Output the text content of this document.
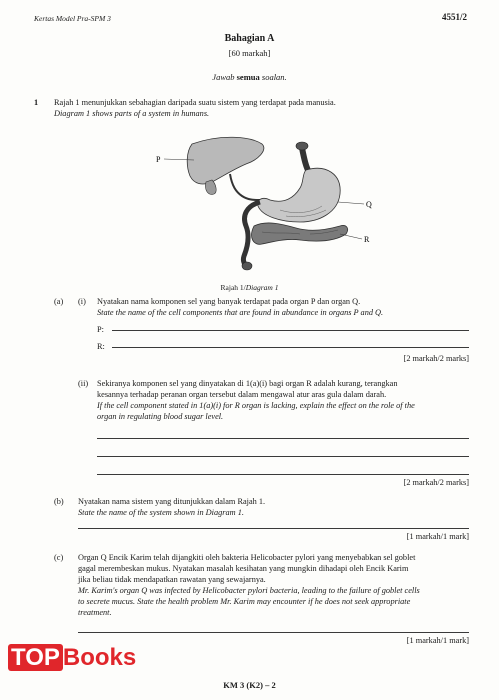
Kertas Model Pra-SPM 3	4551/2
Bahagian A
[60 markah]
Jawab semua soalan.
1 Rajah 1 menunjukkan sebahagian daripada suatu sistem yang terdapat pada manusia.
Diagram 1 shows parts of a system in humans.
P
Q
R
Rajah 1/Diagram 1
(a) (i) Nyatakan nama komponen sel yang banyak terdapat pada organ P dan organ Q.
State the name of the cell components that are found in abundance in organs P and Q.
P:
R:
[2 markah/2 marks]
(ii) Sekiranya komponen sel yang dinyatakan di 1(a)(i) bagi organ R adalah kurang, terangkan
kesannya terhadap peranan organ tersebut dalam mengawal atur aras gula dalam darah.
If the cell component stated in 1(a)(i) for R organ is lacking, explain the effect on the role of the
organ in regulating blood sugar level.
[2 markah/2 marks]
(b) Nyatakan nama sistem yang ditunjukkan dalam Rajah 1.
State the name of the system shown in Diagram 1.
[1 markah/1 mark]
(c) Organ Q Encik Karim telah dijangkiti oleh bakteria Helicobacter pylori yang menyebabkan sel goblet
gagal merembeskan mukus. Nyatakan masalah kesihatan yang mungkin dihadapi oleh Encik Karim
jika beliau tidak mendapatkan rawatan yang sewajarnya.
Mr. Karim's organ Q was infected by Helicobacter pylori bacteria, leading to the failure of goblet cells
to secrete mucus. State the health problem Mr. Karim may encounter if he does not seek appropriate
treatment.
[1 markah/1 mark]
KM 3 (K2) – 2
TOP Books
